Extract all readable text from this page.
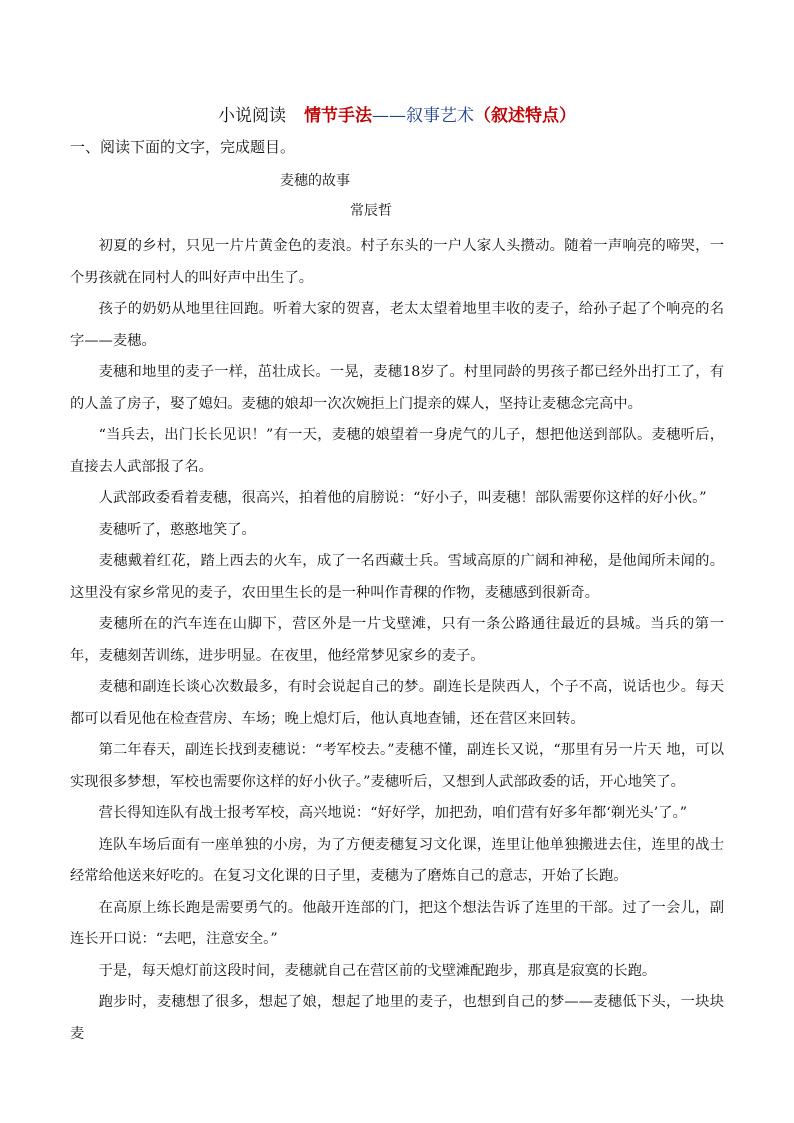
小说阅读 情节手法——叙事艺术（叙述特点）
一、阅读下面的文字，完成题目。
麦穗的故事
常辰哲

初夏的乡村，只见一片片黄金色的麦浪。村子东头的一户人家人头攒动。随着一声响亮的啼哭，一个男孩就在同村人的叫好声中出生了。

孩子的奶奶从地里往回跑。听着大家的贺喜，老太太望着地里丰收的麦子，给孙子起了个响亮的名字——麦穗。

麦穗和地里的麦子一样，茁壮成长。一晃，麦穗18岁了。村里同龄的男孩子都已经外出打工了，有的人盖了房子，娶了媳妇。麦穗的娘却一次次婉拒上门提亲的媒人，坚持让麦穗念完高中。

“当兵去，出门长长见识！”有一天，麦穗的娘望着一身虎气的儿子，想把他送到部队。麦穗听后，直接去人武部报了名。

人武部政委看着麦穗，很高兴，拍着他的肩膀说：“好小子，叫麦穗！部队需要你这样的好小伙。”

麦穗听了，憨憨地笑了。

麦穗戴着红花，踏上西去的火车，成了一名西藏士兵。雪域高原的广阔和神秘，是他闻所未闻的。这里没有家乡常见的麦子，农田里生长的是一种叫作青稞的作物，麦穗感到很新奇。

麦穗所在的汽车连在山脚下，营区外是一片戈壁滩，只有一条公路通往最近的县城。当兵的第一年，麦穗刻苦训练，进步明显。在夜里，他经常梦见家乡的麦子。

麦穗和副连长谈心次数最多，有时会说起自己的梦。副连长是陕西人，个子不高，说话也少。每天都可以看见他在检查营房、车场；晚上熄灯后，他认真地查铺，还在营区来回转。

第二年春天，副连长找到麦穗说：“考军校去。”麦穗不懂，副连长又说，“那里有另一片天 地，可以实现很多梦想，军校也需要你这样的好小伙子。”麦穗听后，又想到人武部政委的话，开心地笑了。

营长得知连队有战士报考军校，高兴地说：“好好学，加把劲，咱们营有好多年都‘剃光头’了。”

连队车场后面有一座单独的小房，为了方便麦穗复习文化课，连里让他单独搬进去住，连里的战士经常给他送来好吃的。在复习文化课的日子里，麦穗为了磨炼自己的意志，开始了长跑。

在高原上练长跑是需要勇气的。他敲开连部的门，把这个想法告诉了连里的干部。过了一会儿，副连长开口说：“去吧，注意安全。”

于是，每天熄灯前这段时间，麦穗就自己在营区前的戈壁滩配跑步，那真是寂寞的长跑。

跑步时，麦穗想了很多，想起了娘，想起了地里的麦子，也想到自己的梦——麦穗低下头，一块块麦
